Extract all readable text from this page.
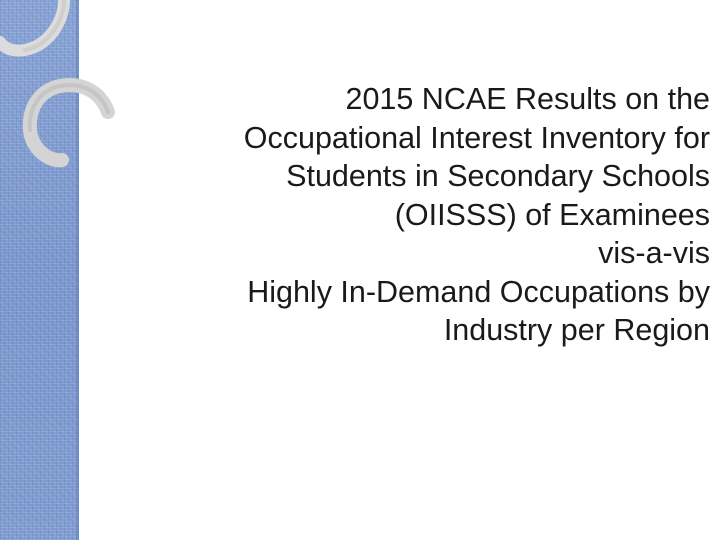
2015 NCAE Results on the
Occupational Interest Inventory for
Students in Secondary Schools
(OIISSS) of Examinees
vis-a-vis
Highly In-Demand Occupations by
Industry per Region
